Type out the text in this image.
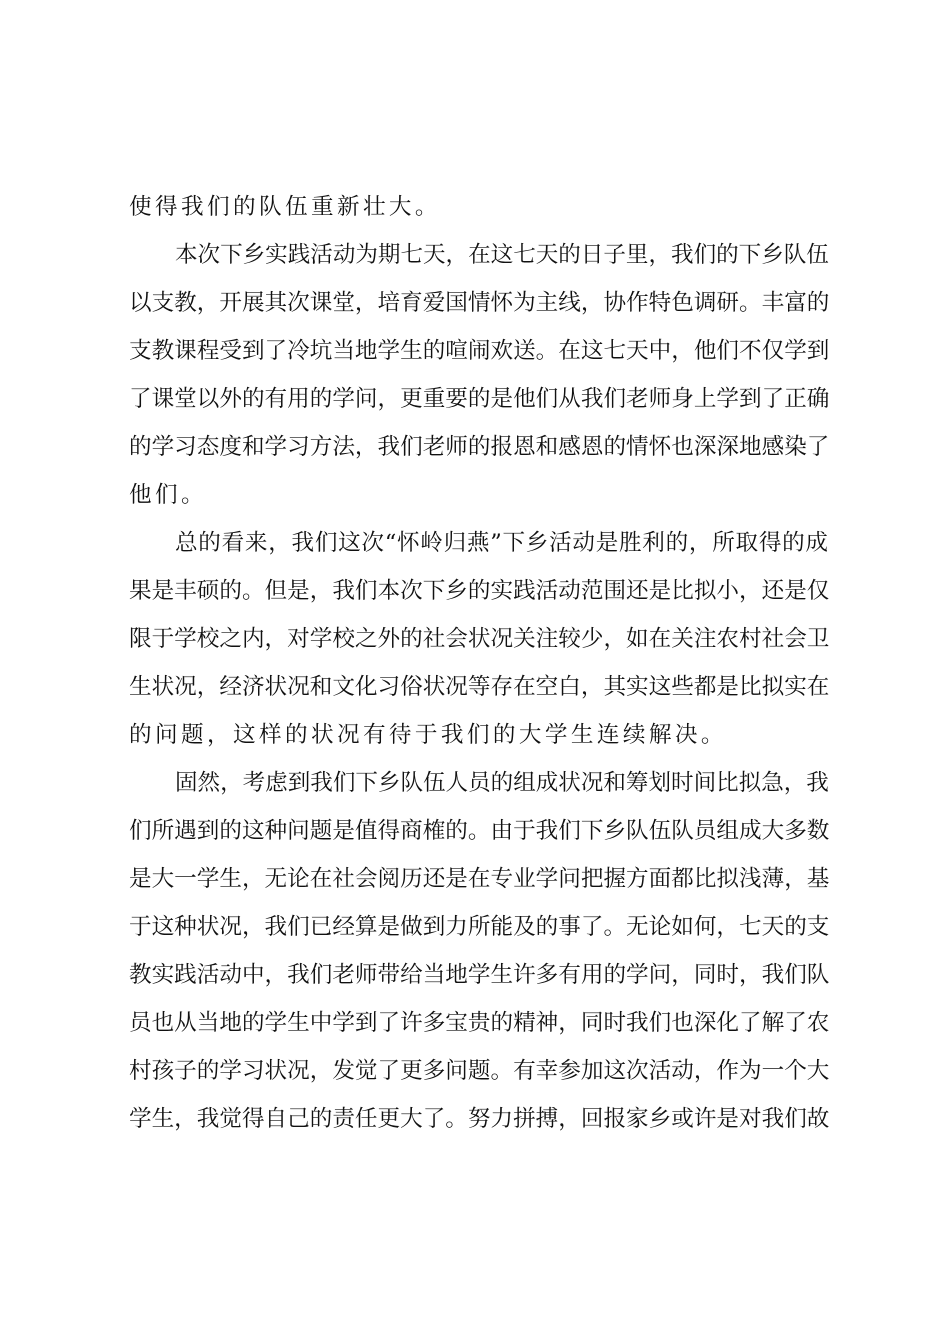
使得我们的队伍重新壮大。

本次下乡实践活动为期七天，在这七天的日子里，我们的下乡队伍
以支教，开展其次课堂，培育爱国情怀为主线，协作特色调研。丰富的
支教课程受到了冷坑当地学生的喧闹欢送。在这七天中，他们不仅学到
了课堂以外的有用的学问，更重要的是他们从我们老师身上学到了正确
的学习态度和学习方法，我们老师的报恩和感恩的情怀也深深地感染了
他们。

总的看来，我们这次“怀岭归燕”下乡活动是胜利的，所取得的成
果是丰硕的。但是，我们本次下乡的实践活动范围还是比拟小，还是仅
限于学校之内，对学校之外的社会状况关注较少，如在关注农村社会卫
生状况，经济状况和文化习俗状况等存在空白，其实这些都是比拟实在
的问题，这样的状况有待于我们的大学生连续解决。

固然，考虑到我们下乡队伍人员的组成状况和筹划时间比拟急，我
们所遇到的这种问题是值得商榷的。由于我们下乡队伍队员组成大多数
是大一学生，无论在社会阅历还是在专业学问把握方面都比拟浅薄，基
于这种状况，我们已经算是做到力所能及的事了。无论如何，七天的支
教实践活动中，我们老师带给当地学生许多有用的学问，同时，我们队
员也从当地的学生中学到了许多宝贵的精神，同时我们也深化了解了农
村孩子的学习状况，发觉了更多问题。有幸参加这次活动，作为一个大
学生，我觉得自己的责任更大了。努力拼搏，回报家乡或许是对我们故
